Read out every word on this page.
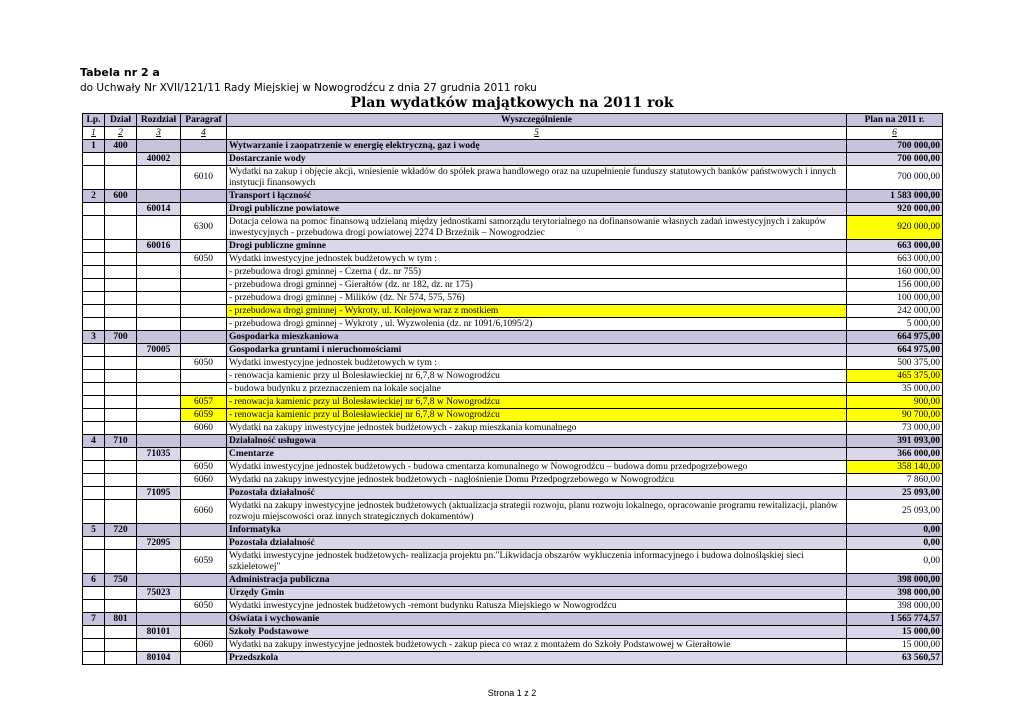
Tabela nr 2 a
do Uchwały Nr XVII/121/11 Rady Miejskiej w Nowogrodźcu z dnia 27 grudnia 2011 roku
Plan wydatków majątkowych na 2011 rok
Lp.	Dział	Rozdział	Paragraf	Wyszczególnienie	Plan na 2011 r.
1	2	3	4	5	6
1	400			Wytwarzanie i zaopatrzenie w energię elektryczną, gaz i wodę	700 000,00
		40002		Dostarczanie wody	700 000,00
			6010	Wydatki na zakup i objęcie akcji, wniesienie wkładów do spółek prawa handlowego oraz na uzupełnienie funduszy statutowych banków państwowych i innych instytucji finansowych	700 000,00
2	600			Transport i łączność	1 583 000,00
		60014		Drogi publiczne powiatowe	920 000,00
			6300	Dotacja celowa na pomoc finansową udzielaną między jednostkami samorządu terytorialnego na dofinansowanie własnych zadań inwestycyjnych i zakupów inwestycyjnych - przebudowa drogi powiatowej 2274 D Brzeźnik – Nowogrodziec	920 000,00
		60016		Drogi publiczne gminne	663 000,00
			6050	Wydatki inwestycyjne jednostek budżetowych w tym :	663 000,00
				- przebudowa drogi gminnej - Czerna ( dz. nr 755)	160 000,00
				- przebudowa drogi gminnej - Gierałtów (dz. nr 182, dz. nr 175)	156 000,00
				- przebudowa drogi gminnej - Milików (dz. Nr 574, 575, 576)	100 000,00
				- przebudowa drogi gminnej - Wykroty, ul. Kolejowa wraz z mostkiem	242 000,00
				- przebudowa drogi gminnej - Wykroty , ul. Wyzwolenia (dz. nr 1091/6,1095/2)	5 000,00
3	700			Gospodarka mieszkaniowa	664 975,00
		70005		Gospodarka gruntami i nieruchomościami	664 975,00
			6050	Wydatki inwestycyjne jednostek budżetowych w tym :	500 375,00
				- renowacja kamienic przy ul Bolesławieckiej nr 6,7,8 w Nowogrodźcu	465 375,00
				- budowa budynku z przeznaczeniem na lokale socjalne	35 000,00
			6057	- renowacja kamienic przy ul Bolesławieckiej nr 6,7,8 w Nowogrodźcu	900,00
			6059	- renowacja kamienic przy ul Bolesławieckiej nr 6,7,8 w Nowogrodźcu	90 700,00
			6060	Wydatki na zakupy inwestycyjne jednostek budżetowych - zakup mieszkania komunalnego	73 000,00
4	710			Działalność usługowa	391 093,00
		71035		Cmentarze	366 000,00
			6050	Wydatki inwestycyjne jednostek budżetowych - budowa cmentarza komunalnego w Nowogrodźcu – budowa domu przedpogrzebowego	358 140,00
			6060	Wydatki na zakupy inwestycyjne jednostek budżetowych - nagłośnienie Domu Przedpogrzebowego w Nowogrodźcu	7 860,00
		71095		Pozostała działalność	25 093,00
			6060	Wydatki na zakupy inwestycyjne jednostek budżetowych (aktualizacja strategii rozwoju, planu rozwoju lokalnego, opracowanie programu rewitalizacji, planów rozwoju miejscowości oraz innych strategicznych dokumentów)	25 093,00
5	720			Informatyka	0,00
		72095		Pozostała działalność	0,00
			6059	Wydatki inwestycyjne jednostek budżetowych- realizacja projektu pn."Likwidacja obszarów wykluczenia informacyjnego i budowa dolnośląskiej sieci szkieletowej"	0,00
6	750			Administracja publiczna	398 000,00
		75023		Urzędy Gmin	398 000,00
			6050	Wydatki inwestycyjne jednostek budżetowych -remont budynku Ratusza Miejskiego w Nowogrodźcu	398 000,00
7	801			Oświata i wychowanie	1 565 774,57
		80101		Szkoły Podstawowe	15 000,00
			6060	Wydatki na zakupy inwestycyjne jednostek budżetowych - zakup pieca co wraz z montażem do Szkoły Podstawowej w Gierałtowie	15 000,00
		80104		Przedszkola	63 560,57
Strona 1 z 2
